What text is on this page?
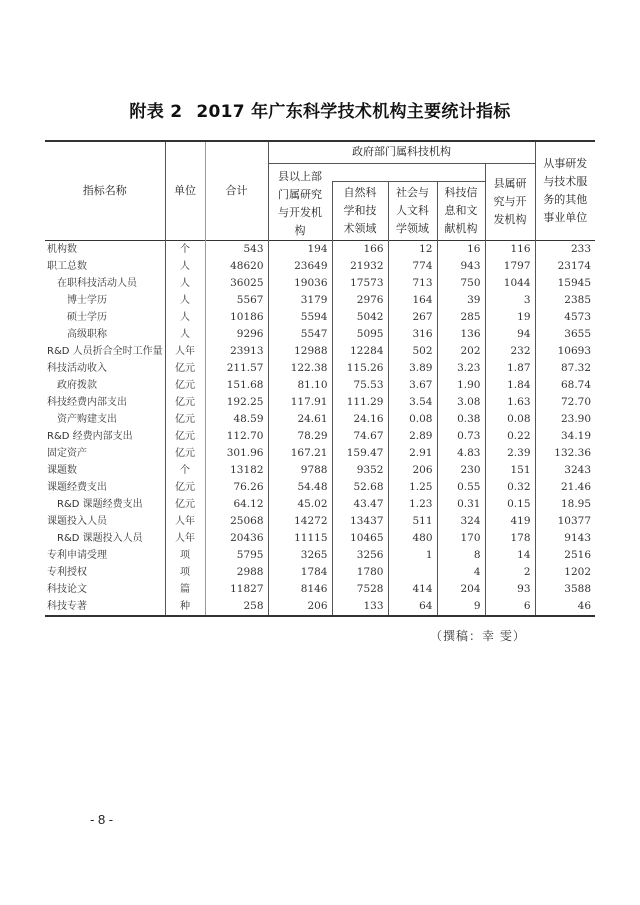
附表 2 2017 年广东科学技术机构主要统计指标
指标名称	单位	合计	政府部门属科技机构					从事研发与技术服务的其他事业单位
			县以上部门属研究与开发机构				县属研究与开发机构	
				自然科学和技术领域	社会与人文科学领域	科技信息和文献机构		
机构数	个	543	194	166	12	16	116	233
职工总数	人	48620	23649	21932	774	943	1797	23174
在职科技活动人员	人	36025	19036	17573	713	750	1044	15945
博士学历	人	5567	3179	2976	164	39	3	2385
硕士学历	人	10186	5594	5042	267	285	19	4573
高级职称	人	9296	5547	5095	316	136	94	3655
R&D 人员折合全时工作量	人年	23913	12988	12284	502	202	232	10693
科技活动收入	亿元	211.57	122.38	115.26	3.89	3.23	1.87	87.32
政府拨款	亿元	151.68	81.10	75.53	3.67	1.90	1.84	68.74
科技经费内部支出	亿元	192.25	117.91	111.29	3.54	3.08	1.63	72.70
资产购建支出	亿元	48.59	24.61	24.16	0.08	0.38	0.08	23.90
R&D 经费内部支出	亿元	112.70	78.29	74.67	2.89	0.73	0.22	34.19
固定资产	亿元	301.96	167.21	159.47	2.91	4.83	2.39	132.36
课题数	个	13182	9788	9352	206	230	151	3243
课题经费支出	亿元	76.26	54.48	52.68	1.25	0.55	0.32	21.46
R&D 课题经费支出	亿元	64.12	45.02	43.47	1.23	0.31	0.15	18.95
课题投入人员	人年	25068	14272	13437	511	324	419	10377
R&D 课题投入人员	人年	20436	11115	10465	480	170	178	9143
专利申请受理	项	5795	3265	3256	1	8	14	2516
专利授权	项	2988	1784	1780		4	2	1202
科技论文	篇	11827	8146	7528	414	204	93	3588
科技专著	种	258	206	133	64	9	6	46
（撰稿：幸 雯）
- 8 -
